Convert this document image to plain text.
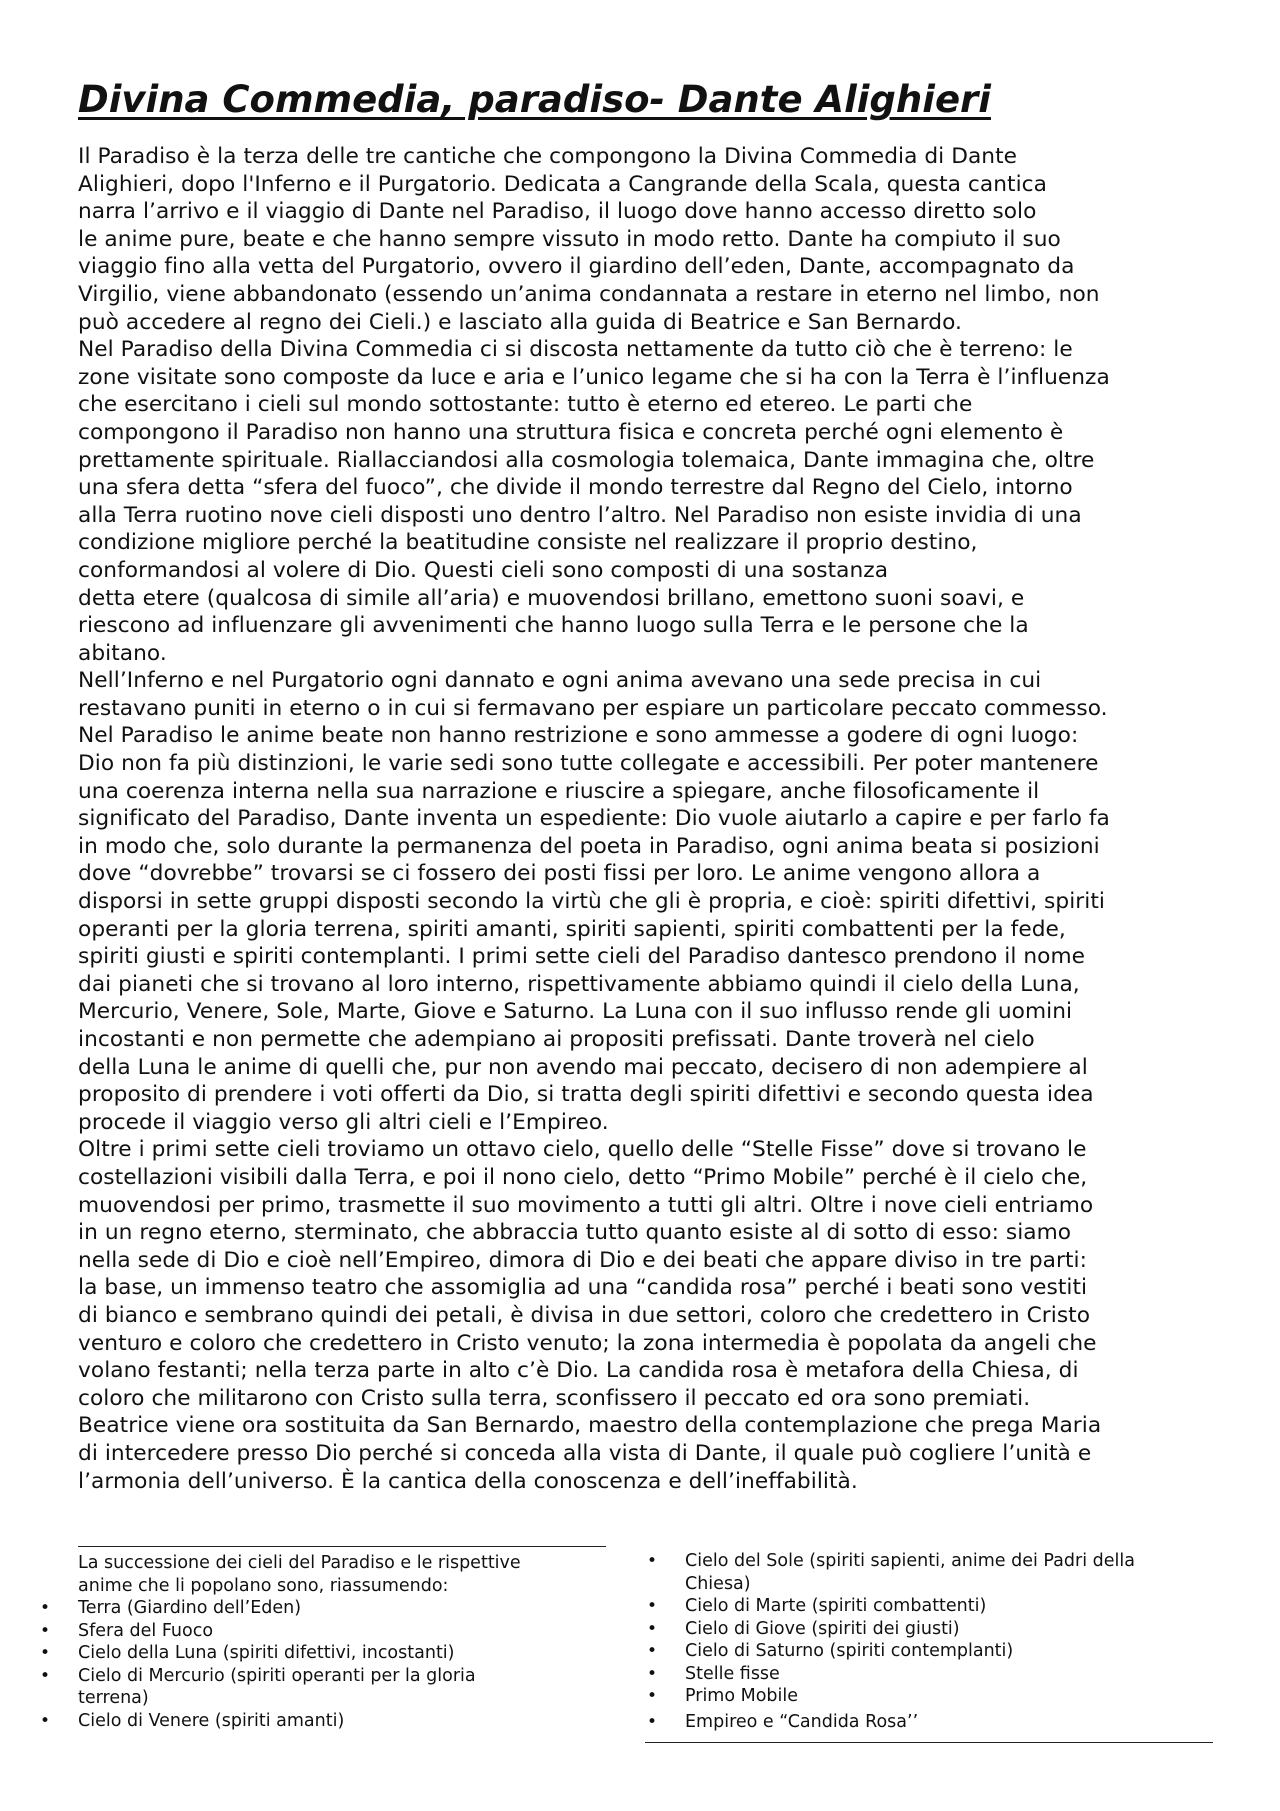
Divina Commedia, paradiso- Dante Alighieri

Il Paradiso è la terza delle tre cantiche che compongono la Divina Commedia di Dante
Alighieri, dopo l'Inferno e il Purgatorio. Dedicata a Cangrande della Scala, questa cantica
narra l’arrivo e il viaggio di Dante nel Paradiso, il luogo dove hanno accesso diretto solo
le anime pure, beate e che hanno sempre vissuto in modo retto. Dante ha compiuto il suo
viaggio fino alla vetta del Purgatorio, ovvero il giardino dell’eden, Dante, accompagnato da
Virgilio, viene abbandonato (essendo un’anima condannata a restare in eterno nel limbo, non
può accedere al regno dei Cieli.) e lasciato alla guida di Beatrice e San Bernardo.

Nel Paradiso della Divina Commedia ci si discosta nettamente da tutto ciò che è terreno: le
zone visitate sono composte da luce e aria e l’unico legame che si ha con la Terra è l’influenza
che esercitano i cieli sul mondo sottostante: tutto è eterno ed etereo. Le parti che
compongono il Paradiso non hanno una struttura fisica e concreta perché ogni elemento è
prettamente spirituale. Riallacciandosi alla cosmologia tolemaica, Dante immagina che, oltre
una sfera detta “sfera del fuoco”, che divide il mondo terrestre dal Regno del Cielo, intorno
alla Terra ruotino nove cieli disposti uno dentro l’altro. Nel Paradiso non esiste invidia di una
condizione migliore perché la beatitudine consiste nel realizzare il proprio destino,
conformandosi al volere di Dio. Questi cieli sono composti di una sostanza
detta etere (qualcosa di simile all’aria) e muovendosi brillano, emettono suoni soavi, e
riescono ad influenzare gli avvenimenti che hanno luogo sulla Terra e le persone che la
abitano.

Nell’Inferno e nel Purgatorio ogni dannato e ogni anima avevano una sede precisa in cui
restavano puniti in eterno o in cui si fermavano per espiare un particolare peccato commesso.
Nel Paradiso le anime beate non hanno restrizione e sono ammesse a godere di ogni luogo:
Dio non fa più distinzioni, le varie sedi sono tutte collegate e accessibili. Per poter mantenere
una coerenza interna nella sua narrazione e riuscire a spiegare, anche filosoficamente il
significato del Paradiso, Dante inventa un espediente: Dio vuole aiutarlo a capire e per farlo fa
in modo che, solo durante la permanenza del poeta in Paradiso, ogni anima beata si posizioni
dove “dovrebbe” trovarsi se ci fossero dei posti fissi per loro. Le anime vengono allora a
disporsi in sette gruppi disposti secondo la virtù che gli è propria, e cioè: spiriti difettivi, spiriti
operanti per la gloria terrena, spiriti amanti, spiriti sapienti, spiriti combattenti per la fede,
spiriti giusti e spiriti contemplanti. I primi sette cieli del Paradiso dantesco prendono il nome
dai pianeti che si trovano al loro interno, rispettivamente abbiamo quindi il cielo della Luna,
Mercurio, Venere, Sole, Marte, Giove e Saturno. La Luna con il suo influsso rende gli uomini
incostanti e non permette che adempiano ai propositi prefissati. Dante troverà nel cielo
della Luna le anime di quelli che, pur non avendo mai peccato, decisero di non adempiere al
proposito di prendere i voti offerti da Dio, si tratta degli spiriti difettivi e secondo questa idea
procede il viaggio verso gli altri cieli e l’Empireo.

Oltre i primi sette cieli troviamo un ottavo cielo, quello delle “Stelle Fisse” dove si trovano le
costellazioni visibili dalla Terra, e poi il nono cielo, detto “Primo Mobile” perché è il cielo che,
muovendosi per primo, trasmette il suo movimento a tutti gli altri. Oltre i nove cieli entriamo
in un regno eterno, sterminato, che abbraccia tutto quanto esiste al di sotto di esso: siamo
nella sede di Dio e cioè nell’Empireo, dimora di Dio e dei beati che appare diviso in tre parti:
la base, un immenso teatro che assomiglia ad una “candida rosa” perché i beati sono vestiti
di bianco e sembrano quindi dei petali, è divisa in due settori, coloro che credettero in Cristo
venturo e coloro che credettero in Cristo venuto; la zona intermedia è popolata da angeli che
volano festanti; nella terza parte in alto c’è Dio. La candida rosa è metafora della Chiesa, di
coloro che militarono con Cristo sulla terra, sconfissero il peccato ed ora sono premiati.
Beatrice viene ora sostituita da San Bernardo, maestro della contemplazione che prega Maria
di intercedere presso Dio perché si conceda alla vista di Dante, il quale può cogliere l’unità e
l’armonia dell’universo. È la cantica della conoscenza e dell’ineffabilità.

La successione dei cieli del Paradiso e le rispettive
anime che li popolano sono, riassumendo:

• Terra (Giardino dell’Eden)
• Sfera del Fuoco
• Cielo della Luna (spiriti difettivi, incostanti)
• Cielo di Mercurio (spiriti operanti per la gloria
terrena)
• Cielo di Venere (spiriti amanti)
• Cielo del Sole (spiriti sapienti, anime dei Padri della
Chiesa)
• Cielo di Marte (spiriti combattenti)
• Cielo di Giove (spiriti dei giusti)
• Cielo di Saturno (spiriti contemplanti)
• Stelle fisse
• Primo Mobile
• Empireo e “Candida Rosa’’
